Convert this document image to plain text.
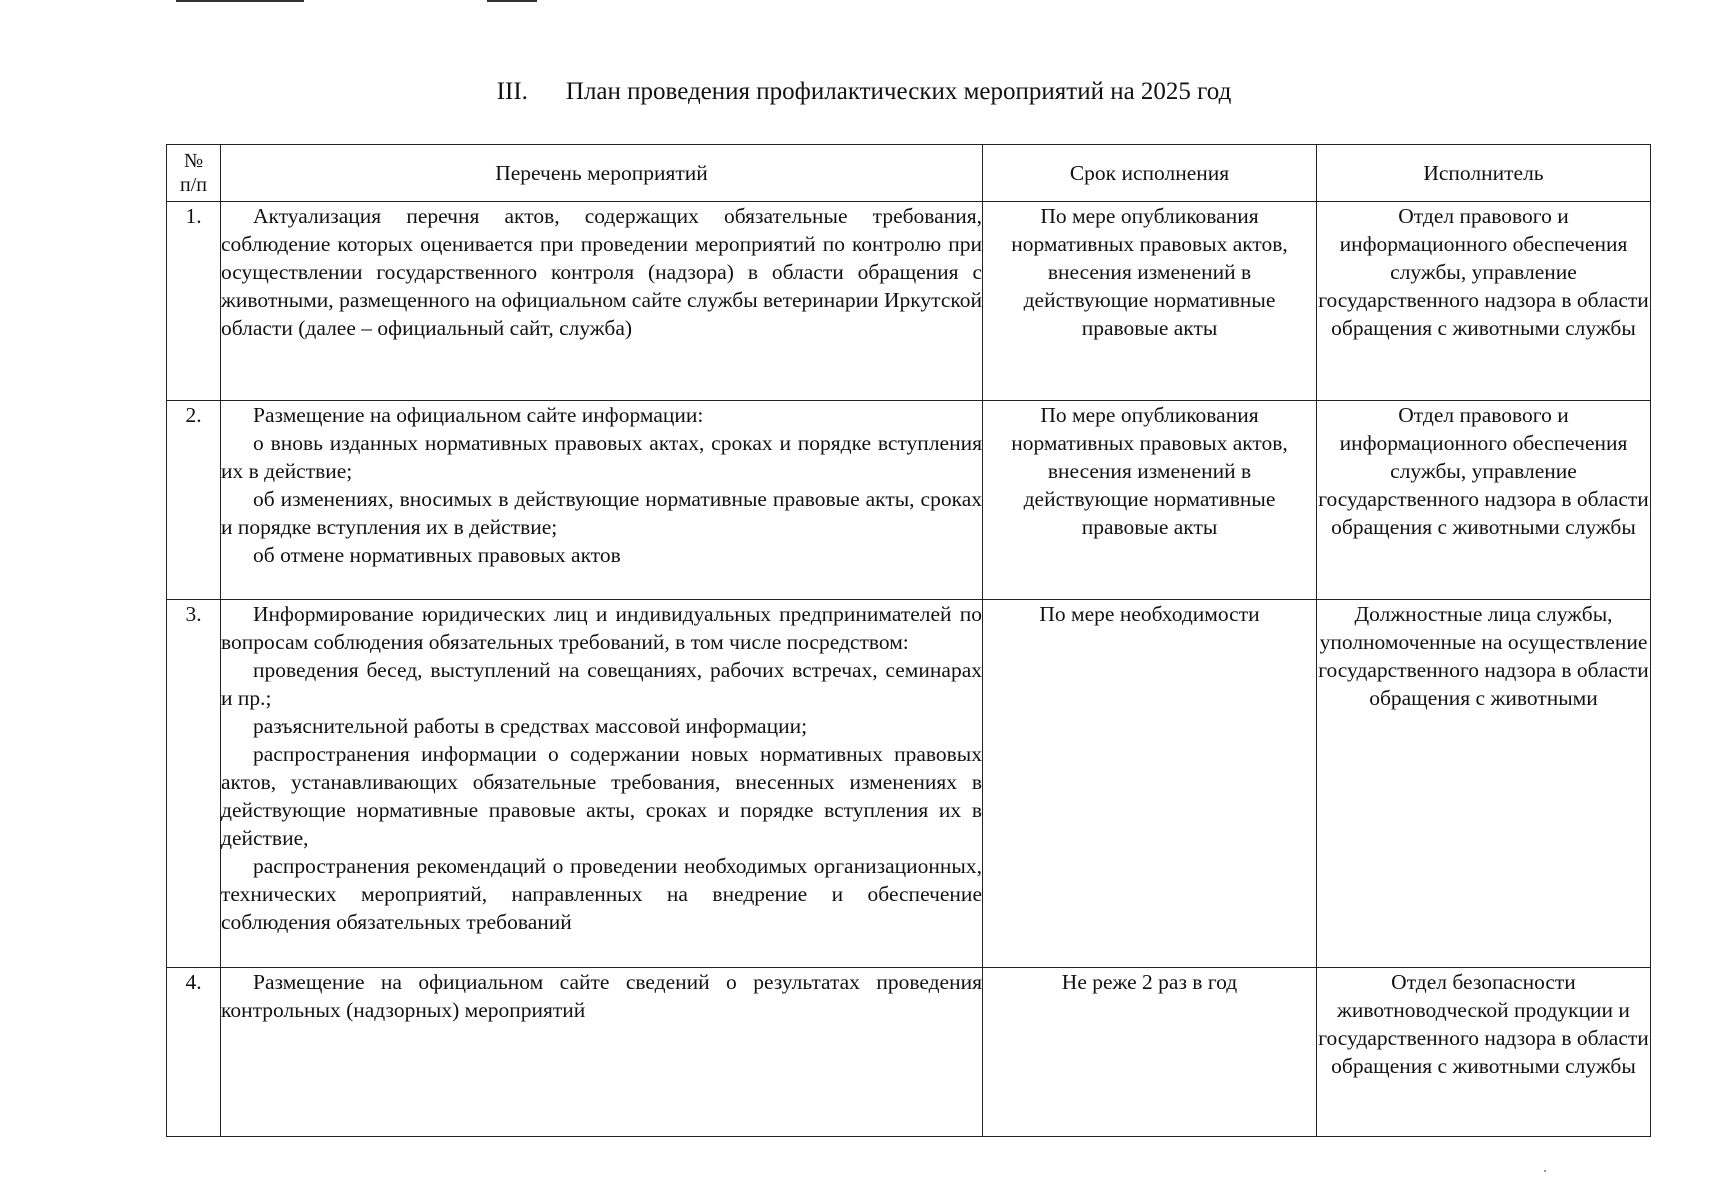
III. План проведения профилактических мероприятий на 2025 год
№
п/п	Перечень мероприятий	Срок исполнения	Исполнитель
1.	Актуализация перечня актов, содержащих обязательные требования, соблюдение которых оценивается при проведении мероприятий по контролю при осуществлении государственного контроля (надзора) в области обращения с животными, размещенного на официальном сайте службы ветеринарии Иркутской области (далее – официальный сайт, служба)	По мере опубликования нормативных правовых актов, внесения изменений в действующие нормативные правовые акты	Отдел правового и информационного обеспечения службы, управление государственного надзора в области обращения с животными службы
2.	Размещение на официальном сайте информации:
о вновь изданных нормативных правовых актах, сроках и порядке вступления их в действие;
об изменениях, вносимых в действующие нормативные правовые акты, сроках и порядке вступления их в действие;
об отмене нормативных правовых актов	По мере опубликования нормативных правовых актов, внесения изменений в действующие нормативные правовые акты	Отдел правового и информационного обеспечения службы, управление государственного надзора в области обращения с животными службы
3.	Информирование юридических лиц и индивидуальных предпринимателей по вопросам соблюдения обязательных требований, в том числе посредством:
проведения бесед, выступлений на совещаниях, рабочих встречах, семинарах и пр.;
разъяснительной работы в средствах массовой информации;
распространения информации о содержании новых нормативных правовых актов, устанавливающих обязательные требования, внесенных изменениях в действующие нормативные правовые акты, сроках и порядке вступления их в действие,
распространения рекомендаций о проведении необходимых организационных, технических мероприятий, направленных на внедрение и обеспечение соблюдения обязательных требований	По мере необходимости	Должностные лица службы, уполномоченные на осуществление государственного надзора в области обращения с животными
4.	Размещение на официальном сайте сведений о результатах проведения контрольных (надзорных) мероприятий	Не реже 2 раз в год	Отдел безопасности животноводческой продукции и государственного надзора в области обращения с животными службы
